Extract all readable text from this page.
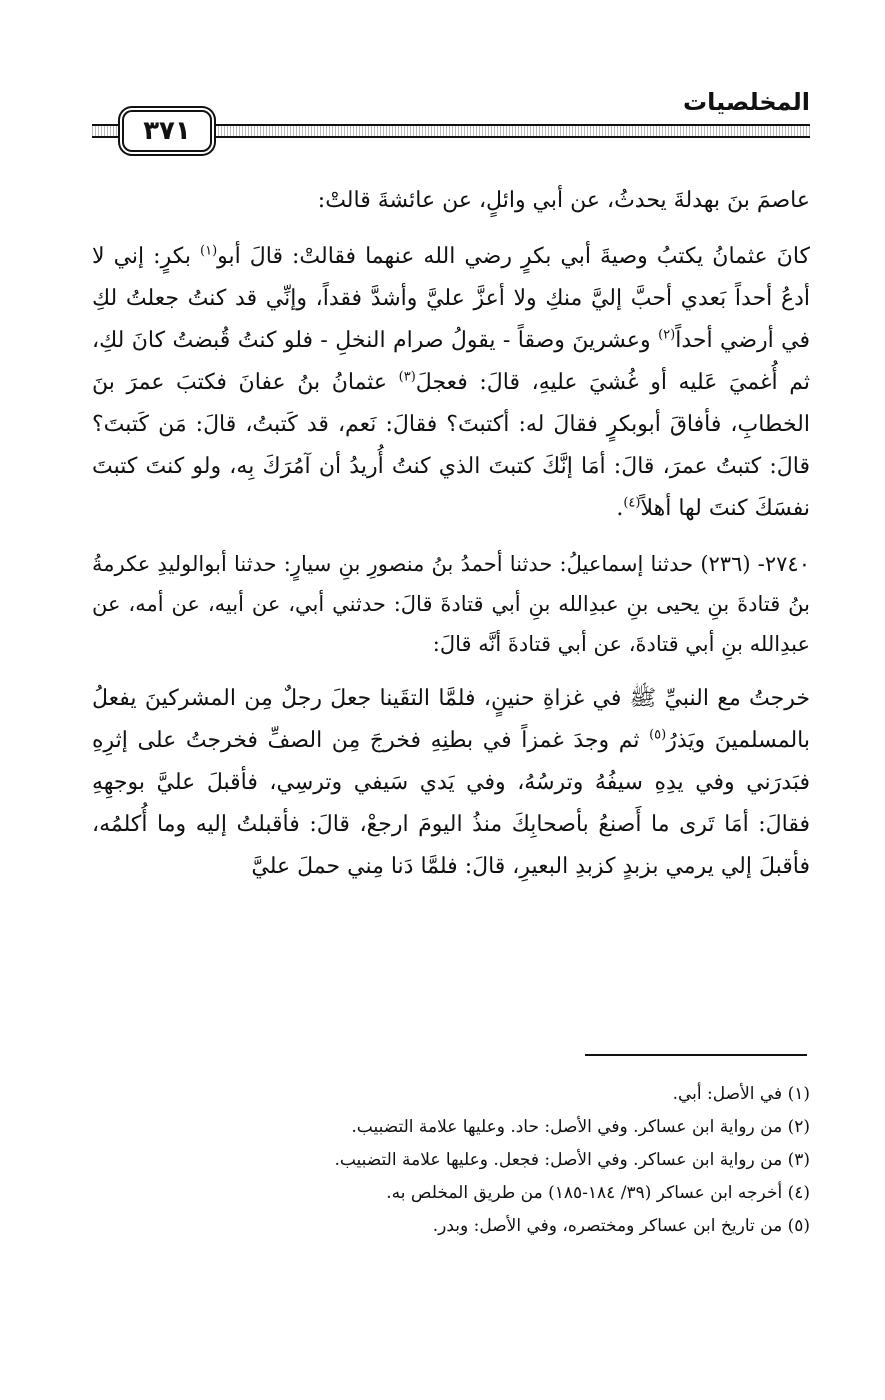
٣٧١
المخلصيات

عاصمَ بنَ بهدلةَ يحدثُ، عن أبي وائلٍ، عن عائشةَ قالتْ:

كانَ عثمانُ يكتبُ وصيةَ أبي بكرٍ رضي الله عنهما فقالتْ: قالَ أبو$^{(١)}$ بكرٍ: إني لا أدعُ أحداً بَعدي أحبَّ إليَّ منكِ ولا أعزَّ عليَّ وأشدَّ فقداً، وإنِّي قد كنتُ جعلتُ لكِ في أرضي أحداً$^{(٢)}$ وعشرينَ وصقاً - يقولُ صرام النخلِ - فلو كنتُ قُبضتُ كانَ لكِ، ثم أُغميَ عَليه أو غُشيَ عليهِ، قالَ: فعجلَ$^{(٣)}$ عثمانُ بنُ عفانَ فكتبَ عمرَ بنَ الخطابِ، فأفاقَ أبوبكرٍ فقالَ له: أكتبتَ؟ فقالَ: نَعم، قد كَتبتُ، قالَ: مَن كَتبتَ؟ قالَ: كتبتُ عمرَ، قالَ: أمَا إنَّكَ كتبتَ الذي كنتُ أُريدُ أن آمُرَكَ بِه، ولو كنتَ كتبتَ نفسَكَ كنتَ لها أهلاً$^{(٤)}$.

٢٧٤٠- (٢٣٦) حدثنا إسماعيلُ: حدثنا أحمدُ بنُ منصورِ بنِ سيارٍ: حدثنا أبوالوليدِ عكرمةُ بنُ قتادةَ بنِ يحيى بنِ عبدِالله بنِ أبي قتادةَ قالَ: حدثني أبي، عن أبيه، عن أمه، عن عبدِالله بنِ أبي قتادةَ، عن أبي قتادةَ أنَّه قالَ:

خرجتُ مع النبيِّ ﷺ في غزاةِ حنينٍ، فلمَّا التقَينا جعلَ رجلٌ مِن المشركينَ يفعلُ بالمسلمينَ ويَذرُ$^{(٥)}$ ثم وجدَ غمزاً في بطنِهِ فخرجَ مِن الصفِّ فخرجتُ على إثرِهِ فبَدرَني وفي يدِهِ سيفُهُ وترسُهُ، وفي يَدي سَيفي وترسِي، فأقبلَ عليَّ بوجهِهِ فقالَ: أمَا تَرى ما أَصنعُ بأصحابِكَ منذُ اليومَ ارجعْ، قالَ: فأقبلتُ إليه وما أُكلمُه، فأقبلَ إلي يرمي بزبدٍ كزبدِ البعيرِ، قالَ: فلمَّا دَنا مِني حملَ عليَّ

(١) في الأصل: أبي.

(٢) من رواية ابن عساكر. وفي الأصل: حاد. وعليها علامة التضبيب.

(٣) من رواية ابن عساكر. وفي الأصل: فجعل. وعليها علامة التضبيب.

(٤) أخرجه ابن عساكر (٣٩/ ١٨٤-١٨٥) من طريق المخلص به.

(٥) من تاريخ ابن عساكر ومختصره، وفي الأصل: وبدر.
